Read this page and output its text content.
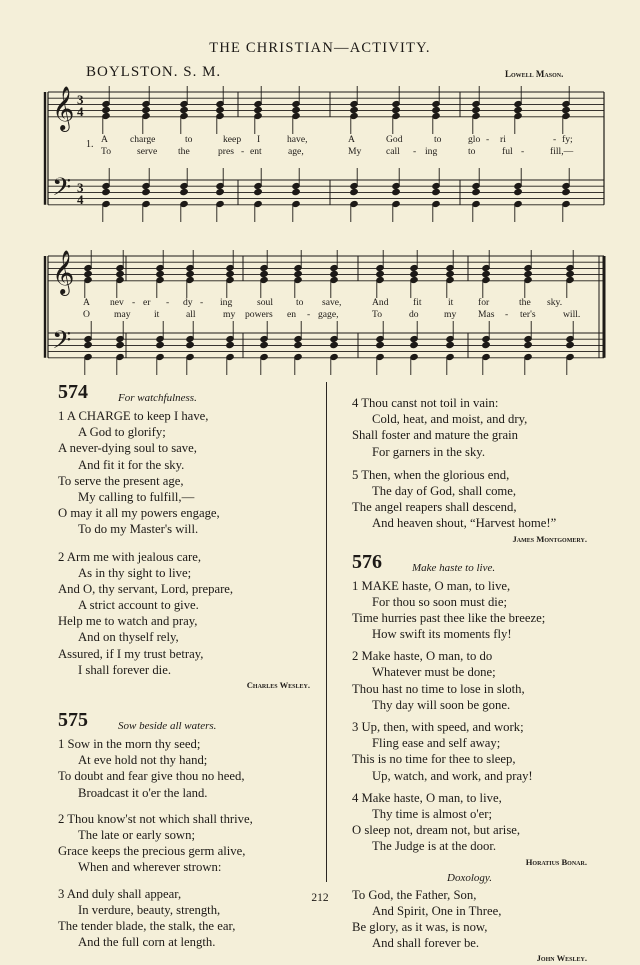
THE CHRISTIAN—ACTIVITY.
BOYLSTON. S. M.	Lowell Mason.
𝄞
𝄢
𝄞
𝄢
3
4
3
4
1. A charge	to	keep I	have,	A	God	to	glo - ri	- fy;
To	serve the	pres - ent	age,	My	call - ing	to	ful -	fill,—
A nev - er - dy - ing	soul to save,	And	fit	it	for	the sky.
O	may it	all	my powers en - gage,	To	do	my Mas - ter's	will.
574	For watchfulness.
1 A CHARGE to keep I have,
A God to glorify;
A never-dying soul to save,
And fit it for the sky.
To serve the present age,
My calling to fulfill,—
O may it all my powers engage,
To do my Master's will.
2 Arm me with jealous care,
As in thy sight to live;
And O, thy servant, Lord, prepare,
A strict account to give.
Help me to watch and pray,
And on thyself rely,
Assured, if I my trust betray,
I shall forever die.
Charles Wesley.
575	Sow beside all waters.
1 Sow in the morn thy seed;
At eve hold not thy hand;
To doubt and fear give thou no heed,
Broadcast it o'er the land.
2 Thou know'st not which shall thrive,
The late or early sown;
Grace keeps the precious germ alive,
When and wherever strown:
3 And duly shall appear,
In verdure, beauty, strength,
The tender blade, the stalk, the ear,
And the full corn at length.
4 Thou canst not toil in vain:
Cold, heat, and moist, and dry,
Shall foster and mature the grain
For garners in the sky.
5 Then, when the glorious end,
The day of God, shall come,
The angel reapers shall descend,
And heaven shout, “Harvest home!”
James Montgomery.
576	Make haste to live.
1 MAKE haste, O man, to live,
For thou so soon must die;
Time hurries past thee like the breeze;
How swift its moments fly!
2 Make haste, O man, to do
Whatever must be done;
Thou hast no time to lose in sloth,
Thy day will soon be gone.
3 Up, then, with speed, and work;
Fling ease and self away;
This is no time for thee to sleep,
Up, watch, and work, and pray!
4 Make haste, O man, to live,
Thy time is almost o'er;
O sleep not, dream not, but arise,
The Judge is at the door.
Horatius Bonar.
Doxology.
To God, the Father, Son,
And Spirit, One in Three,
Be glory, as it was, is now,
And shall forever be.
John Wesley.
212
